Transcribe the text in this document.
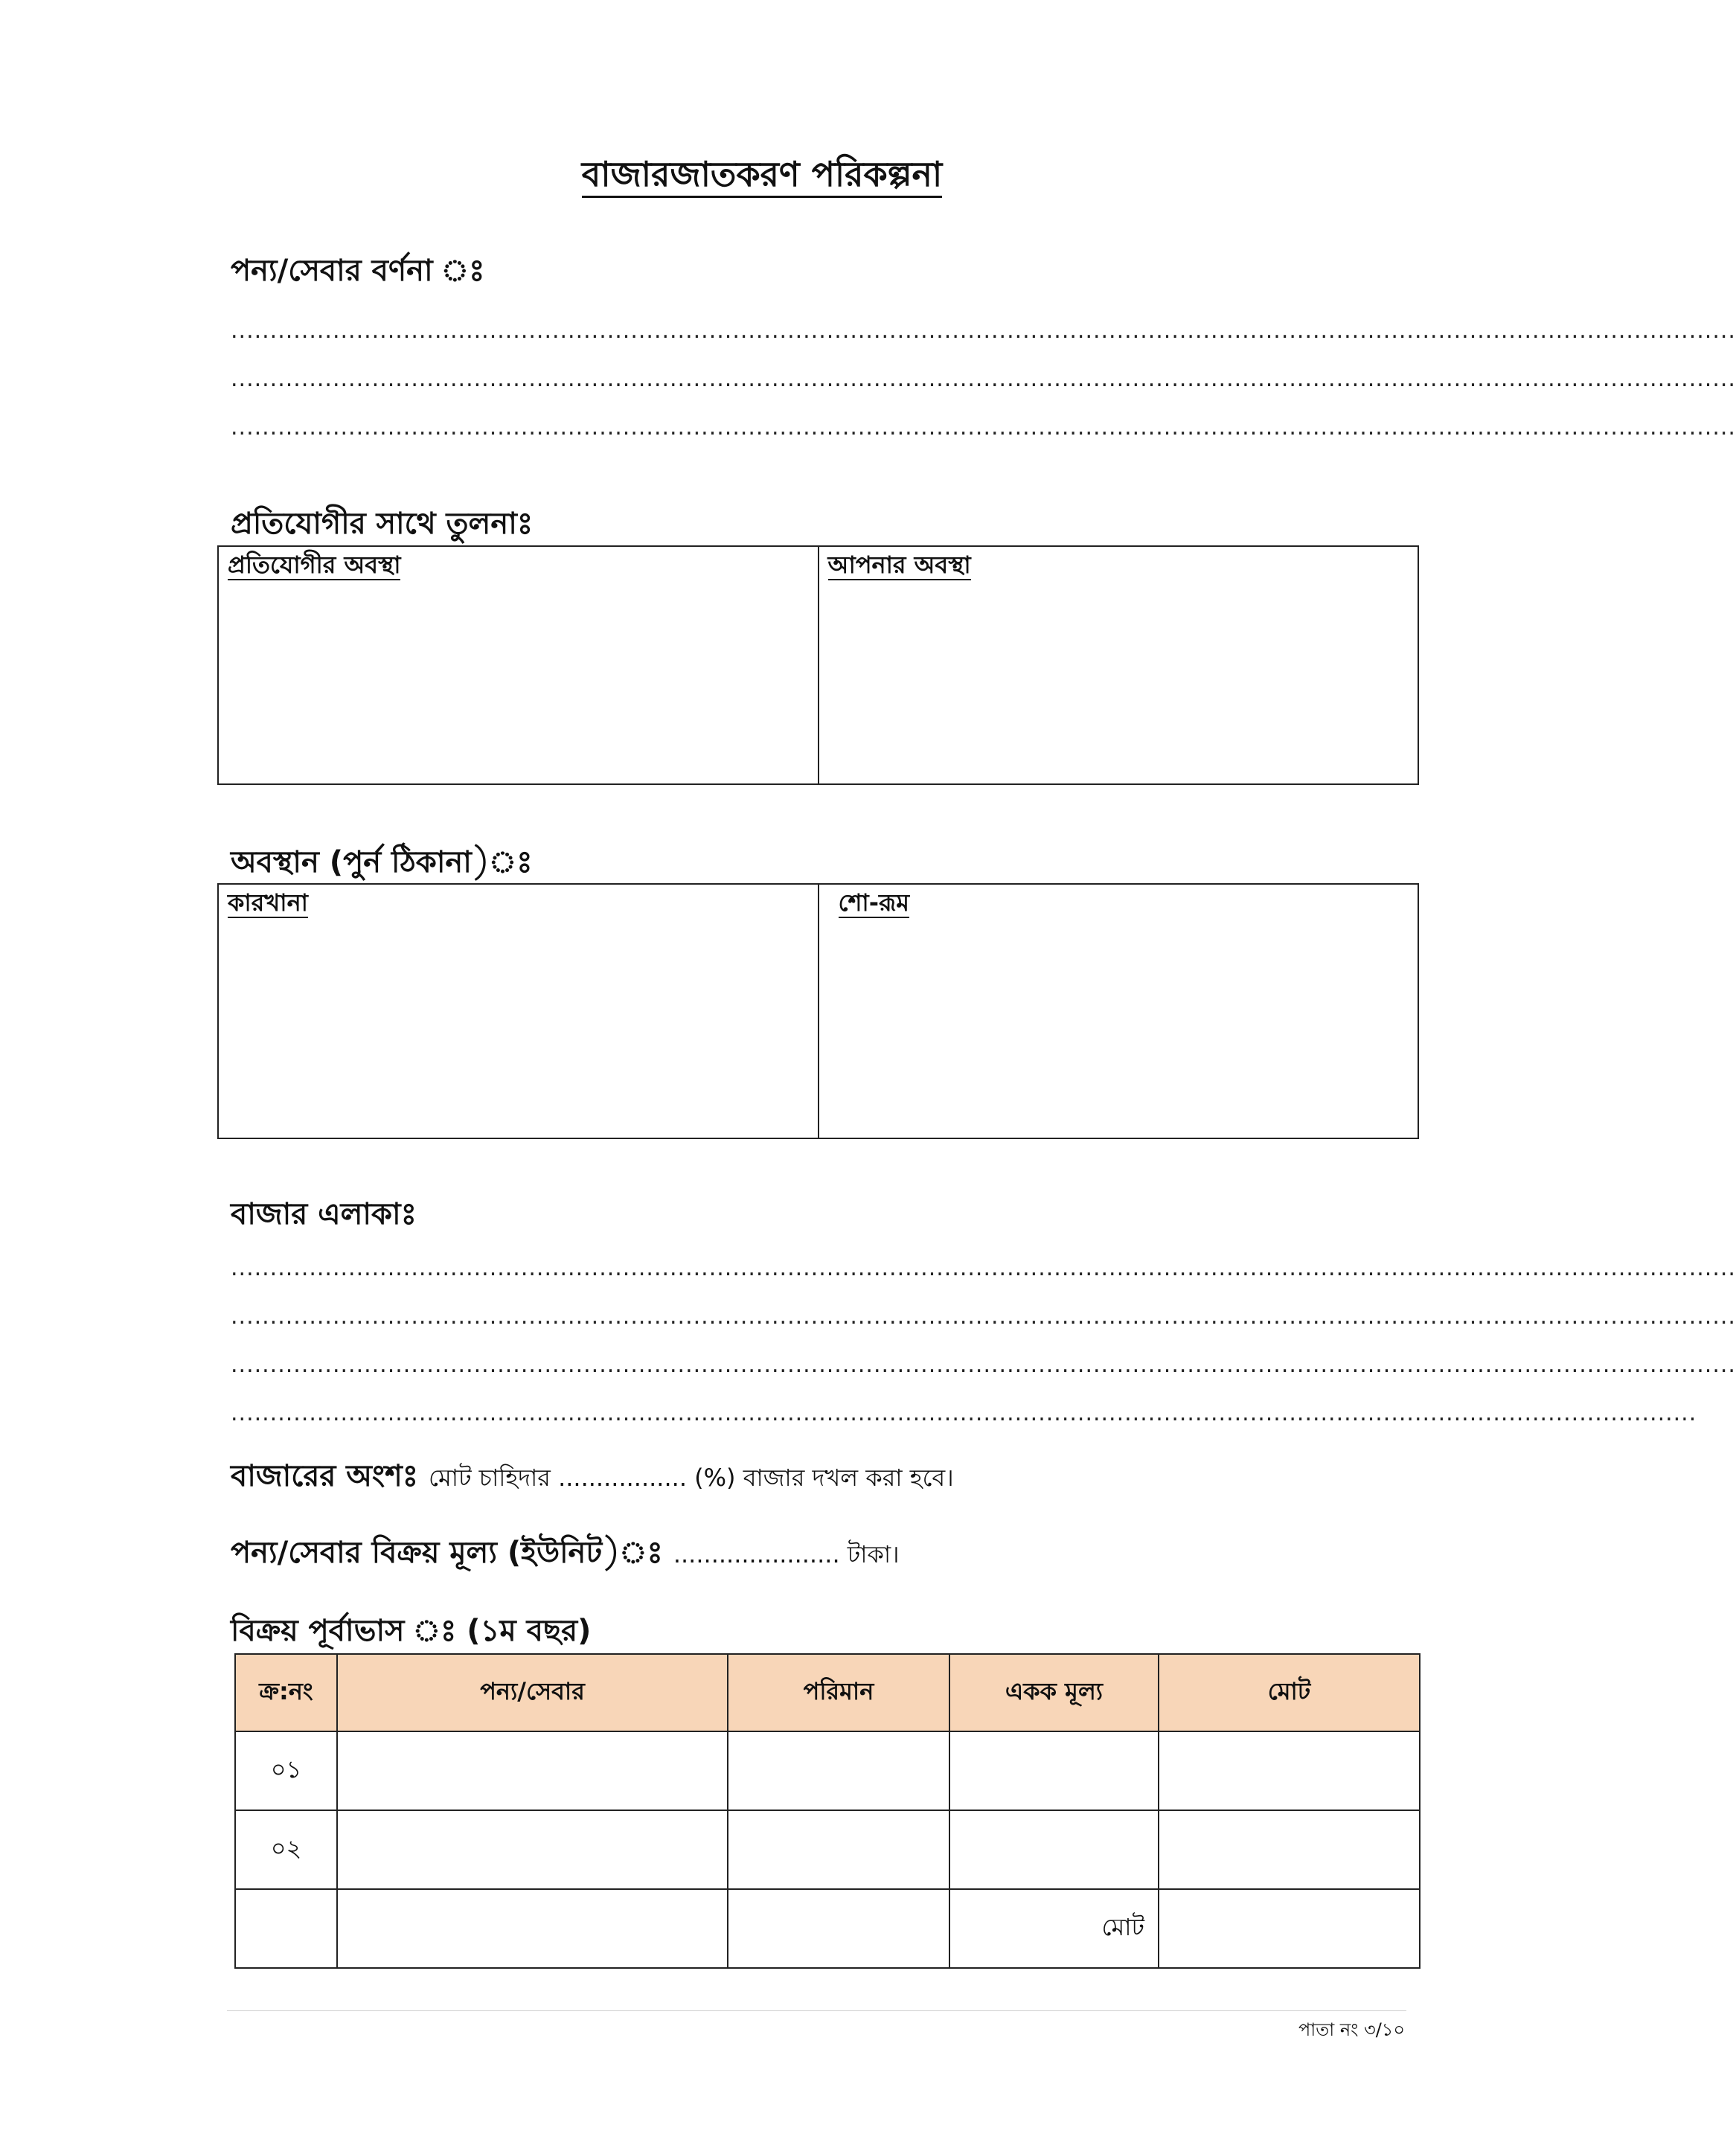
বাজারজাতকরণ পরিকল্পনা
পন্য/সেবার বর্ণনা ঃ
................................................................................................................................................................................................
................................................................................................................................................................................................
................................................................................................................................................................................................
প্রতিযোগীর সাথে তুলনাঃ
প্রতিযোগীর অবস্থা	আপনার অবস্থা
অবস্থান (পুর্ন ঠিকানা)ঃ
কারখানা	শো-রূম
বাজার এলাকাঃ
................................................................................................................................................................................................
................................................................................................................................................................................................
................................................................................................................................................................................................
...........................................................................................................................................................................................
বাজারের অংশঃ মোট চাহিদার ................. (%) বাজার দখল করা হবে।
পন্য/সেবার বিক্রয় মূল্য (ইউনিট)ঃ ...................... টাকা।
বিক্রয় পূর্বাভাস ঃ (১ম বছর)
ক্র:নং	পন্য/সেবার	পরিমান	একক মূল্য	মোট
০১				
০২				
			মোট	
পাতা নং ৩/১০
